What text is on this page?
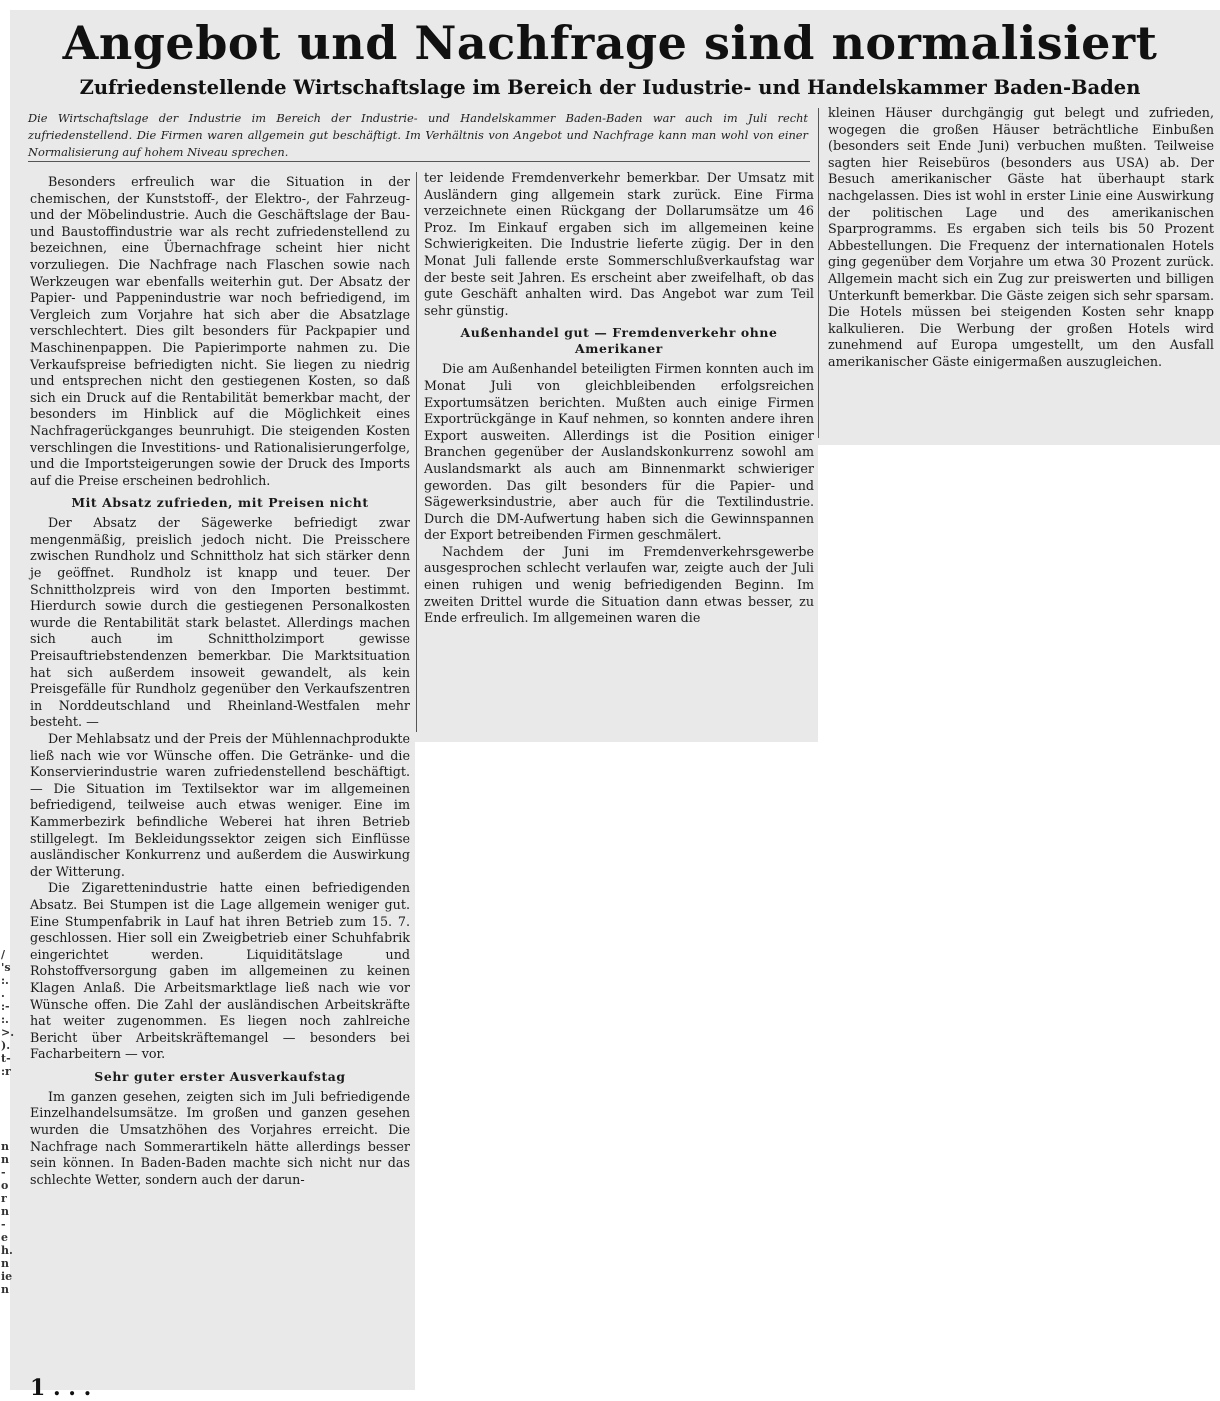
Angebot und Nachfrage sind normalisiert
Zufriedenstellende Wirtschaftslage im Bereich der Iudustrie- und Handelskammer Baden-Baden

Die Wirtschaftslage der Industrie im Bereich der Industrie- und Handelskammer Baden-Baden war auch im Juli recht zufriedenstellend. Die Firmen waren allgemein gut beschäftigt. Im Verhältnis von Angebot und Nachfrage kann man wohl von einer Normalisierung auf hohem Niveau sprechen.

Besonders erfreulich war die Situation in der chemischen, der Kunststoff-, der Elektro-, der Fahrzeug- und der Möbelindustrie. Auch die Geschäftslage der Bau- und Baustoffindustrie war als recht zufriedenstellend zu bezeichnen, eine Übernachfrage scheint hier nicht vorzuliegen. Die Nachfrage nach Flaschen sowie nach Werkzeugen war ebenfalls weiterhin gut. Der Absatz der Papier- und Pappenindustrie war noch befriedigend, im Vergleich zum Vorjahre hat sich aber die Absatzlage verschlechtert. Dies gilt besonders für Packpapier und Maschinenpappen. Die Papierimporte nahmen zu. Die Verkaufspreise befriedigten nicht. Sie liegen zu niedrig und entsprechen nicht den gestiegenen Kosten, so daß sich ein Druck auf die Rentabilität bemerkbar macht, der besonders im Hinblick auf die Möglichkeit eines Nachfragerückganges beunruhigt. Die steigenden Kosten verschlingen die Investitions- und Rationalisierungerfolge, und die Importsteigerungen sowie der Druck des Imports auf die Preise erscheinen bedrohlich.

Mit Absatz zufrieden, mit Preisen nicht

Der Absatz der Sägewerke befriedigt zwar mengenmäßig, preislich jedoch nicht. Die Preisschere zwischen Rundholz und Schnittholz hat sich stärker denn je geöffnet. Rundholz ist knapp und teuer. Der Schnittholzpreis wird von den Importen bestimmt. Hierdurch sowie durch die gestiegenen Personalkosten wurde die Rentabilität stark belastet. Allerdings machen sich auch im Schnittholzimport gewisse Preisauftriebstendenzen bemerkbar. Die Marktsituation hat sich außerdem insoweit gewandelt, als kein Preisgefälle für Rundholz gegenüber den Verkaufszentren in Norddeutschland und Rheinland-Westfalen mehr besteht. —

Der Mehlabsatz und der Preis der Mühlennachprodukte ließ nach wie vor Wünsche offen. Die Getränke- und die Konservierindustrie waren zufriedenstellend beschäftigt. — Die Situation im Textilsektor war im allgemeinen befriedigend, teilweise auch etwas weniger. Eine im Kammerbezirk befindliche Weberei hat ihren Betrieb stillgelegt. Im Bekleidungssektor zeigen sich Einflüsse ausländischer Konkurrenz und außerdem die Auswirkung der Witterung.

Die Zigarettenindustrie hatte einen befriedigenden Absatz. Bei Stumpen ist die Lage allgemein weniger gut. Eine Stumpenfabrik in Lauf hat ihren Betrieb zum 15. 7. geschlossen. Hier soll ein Zweigbetrieb einer Schuhfabrik eingerichtet werden. Liquiditätslage und Rohstoffversorgung gaben im allgemeinen zu keinen Klagen Anlaß. Die Arbeitsmarktlage ließ nach wie vor Wünsche offen. Die Zahl der ausländischen Arbeitskräfte hat weiter zugenommen. Es liegen noch zahlreiche Bericht über Arbeitskräftemangel — besonders bei Facharbeitern — vor.

Sehr guter erster Ausverkaufstag

Im ganzen gesehen, zeigten sich im Juli befriedigende Einzelhandelsumsätze. Im großen und ganzen gesehen wurden die Umsatzhöhen des Vorjahres erreicht. Die Nachfrage nach Sommerartikeln hätte allerdings besser sein können. In Baden-Baden machte sich nicht nur das schlechte Wetter, sondern auch der darun-

ter leidende Fremdenverkehr bemerkbar. Der Umsatz mit Ausländern ging allgemein stark zurück. Eine Firma verzeichnete einen Rückgang der Dollarumsätze um 46 Proz. Im Einkauf ergaben sich im allgemeinen keine Schwierigkeiten. Die Industrie lieferte zügig. Der in den Monat Juli fallende erste Sommerschlußverkaufstag war der beste seit Jahren. Es erscheint aber zweifelhaft, ob das gute Geschäft anhalten wird. Das Angebot war zum Teil sehr günstig.

Außenhandel gut — Fremdenverkehr ohne Amerikaner

Die am Außenhandel beteiligten Firmen konnten auch im Monat Juli von gleichbleibenden erfolgsreichen Exportumsätzen berichten. Mußten auch einige Firmen Exportrückgänge in Kauf nehmen, so konnten andere ihren Export ausweiten. Allerdings ist die Position einiger Branchen gegenüber der Auslandskonkurrenz sowohl am Auslandsmarkt als auch am Binnenmarkt schwieriger geworden. Das gilt besonders für die Papier- und Sägewerksindustrie, aber auch für die Textilindustrie. Durch die DM-Aufwertung haben sich die Gewinnspannen der Export betreibenden Firmen geschmälert.

Nachdem der Juni im Fremdenverkehrsgewerbe ausgesprochen schlecht verlaufen war, zeigte auch der Juli einen ruhigen und wenig befriedigenden Beginn. Im zweiten Drittel wurde die Situation dann etwas besser, zu Ende erfreulich. Im allgemeinen waren die

kleinen Häuser durchgängig gut belegt und zufrieden, wogegen die großen Häuser beträchtliche Einbußen (besonders seit Ende Juni) verbuchen mußten. Teilweise sagten hier Reisebüros (besonders aus USA) ab. Der Besuch amerikanischer Gäste hat überhaupt stark nachgelassen. Dies ist wohl in erster Linie eine Auswirkung der politischen Lage und des amerikanischen Sparprogramms. Es ergaben sich teils bis 50 Prozent Abbestellungen. Die Frequenz der internationalen Hotels ging gegenüber dem Vorjahre um etwa 30 Prozent zurück. Allgemein macht sich ein Zug zur preiswerten und billigen Unterkunft bemerkbar. Die Gäste zeigen sich sehr sparsam. Die Hotels müssen bei steigenden Kosten sehr knapp kalkulieren. Die Werbung der großen Hotels wird zunehmend auf Europa umgestellt, um den Ausfall amerikanischer Gäste einigermaßen auszugleichen.

/ 's :. . :- :. >. ). t- :r
n n - o r n - e h. n ie n
1 . . .
